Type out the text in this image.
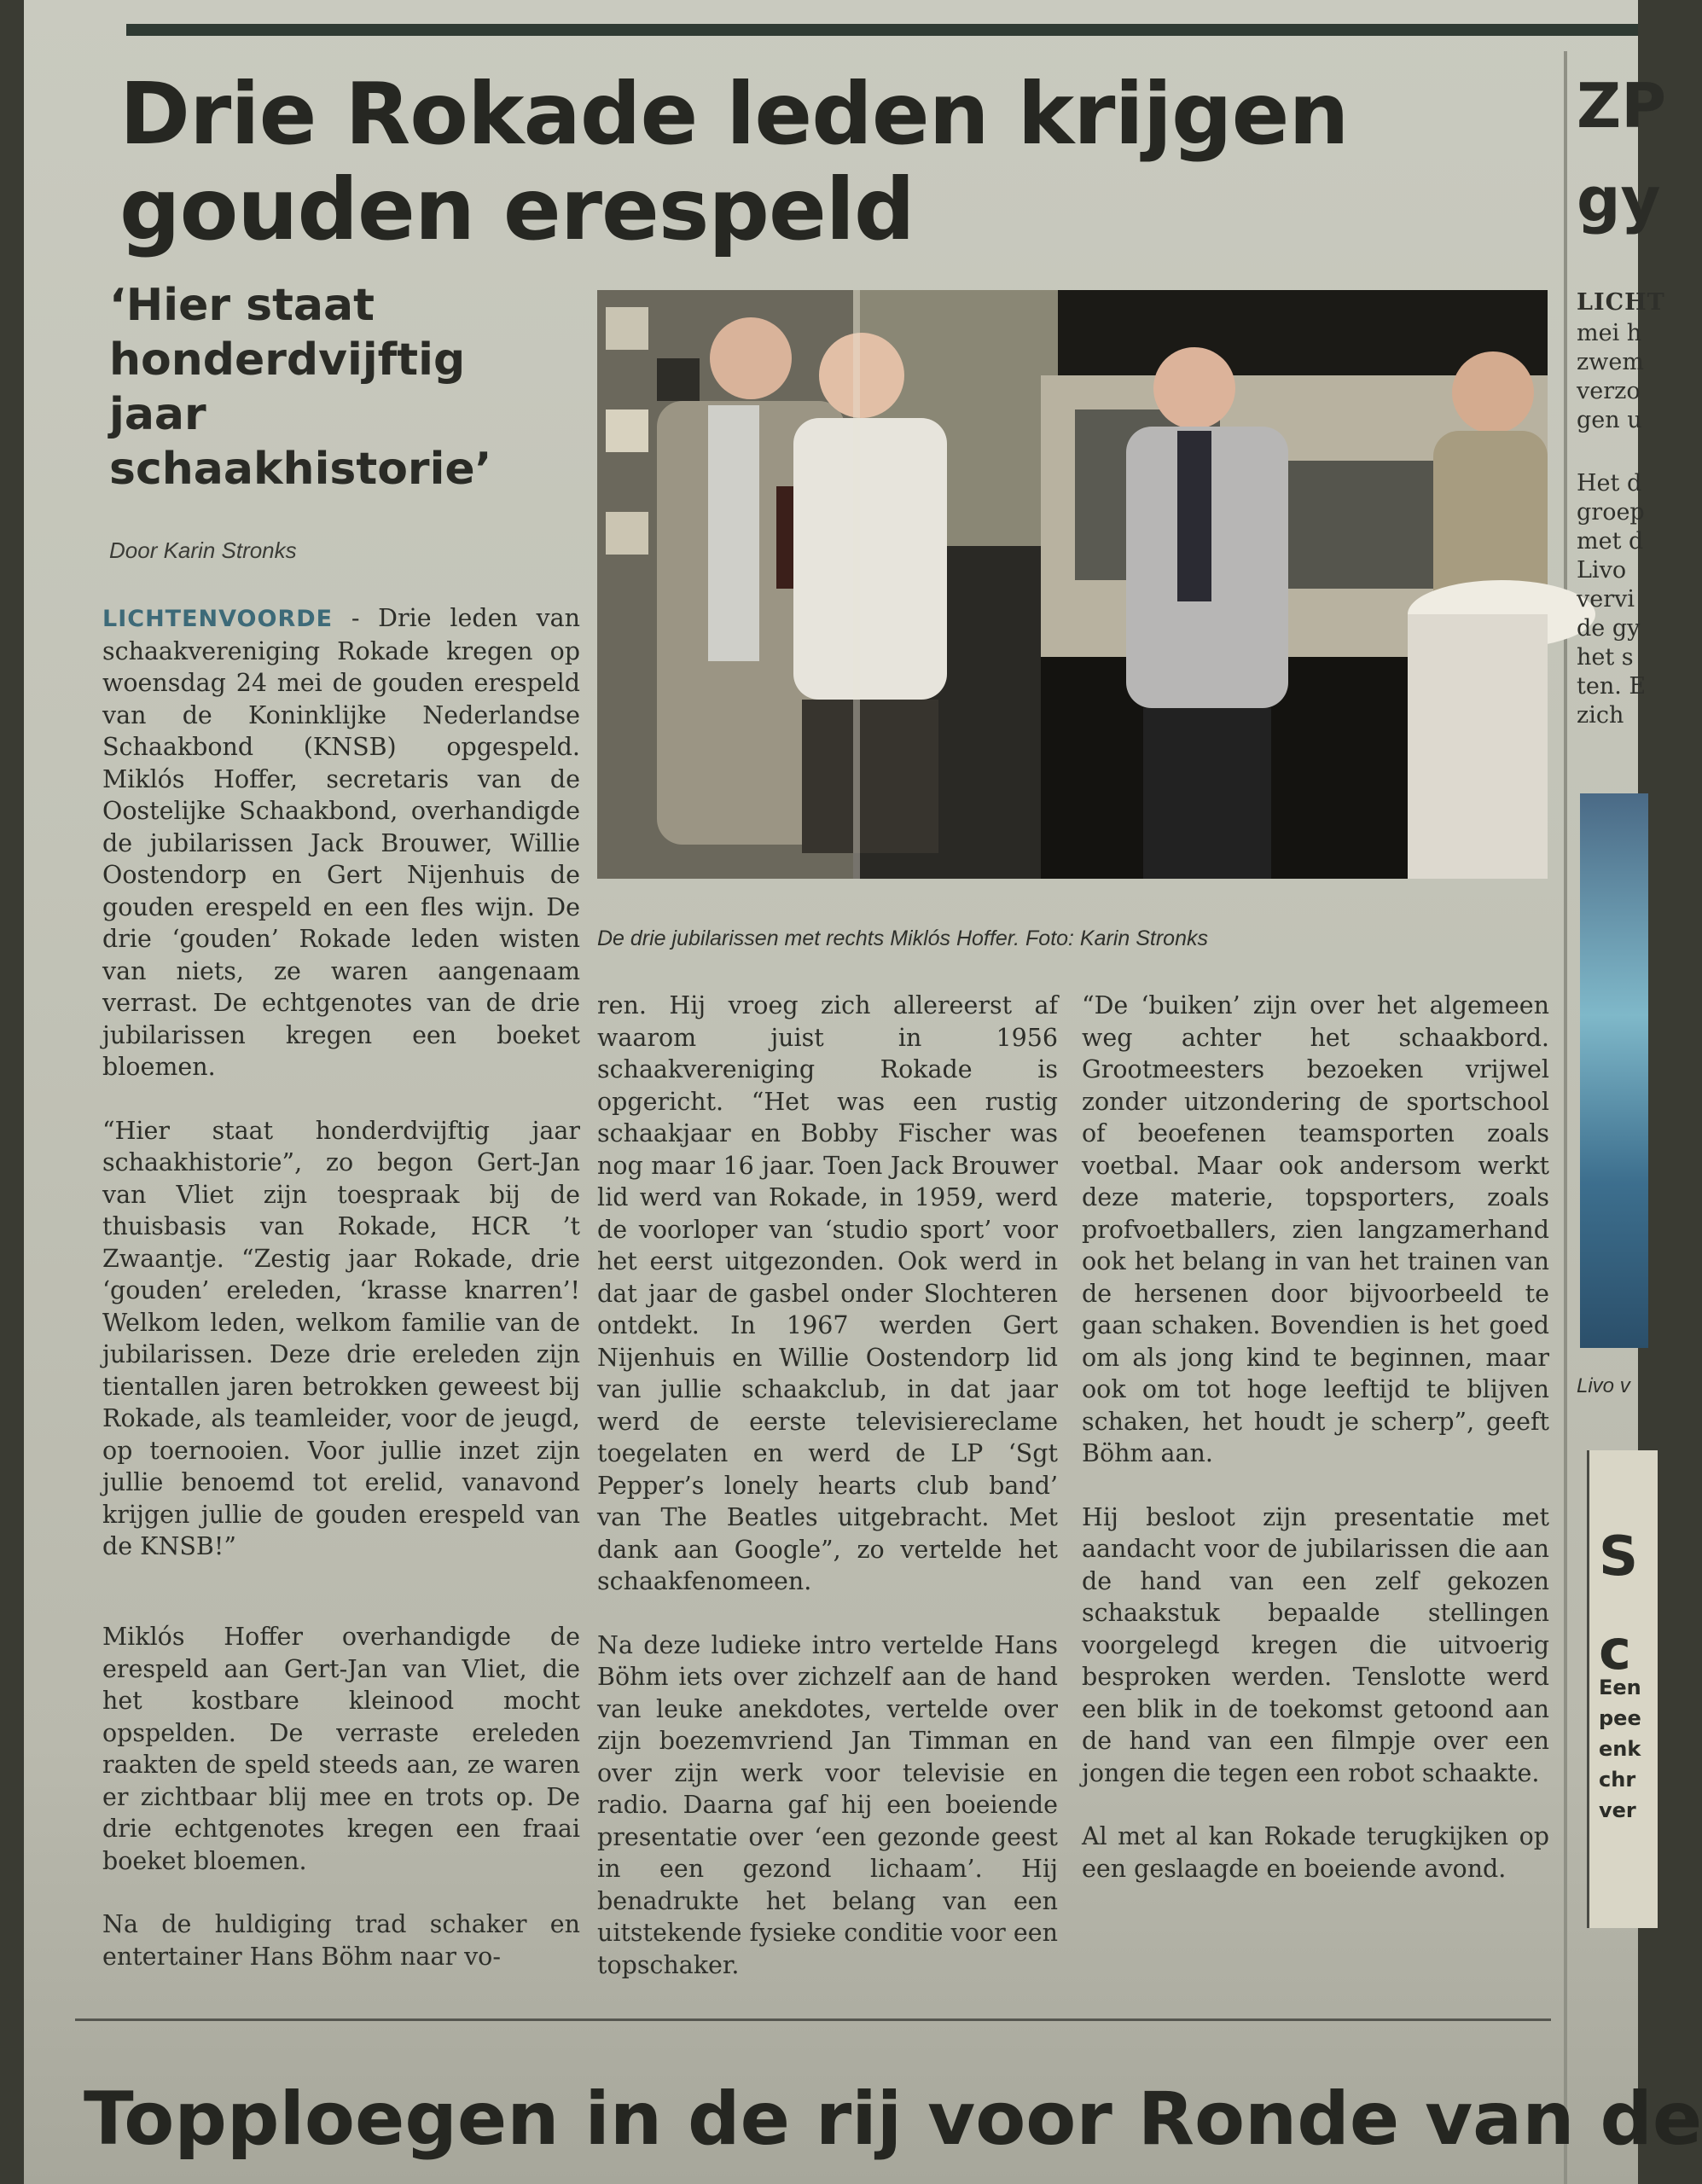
Drie Rokade leden krijgen
gouden erespeld
‘Hier staat honderdvijftig jaar schaakhistorie’
Door Karin Stronks

LICHTENVOORDE - Drie leden van schaakvereniging Rokade kregen op woensdag 24 mei de gouden erespeld van de Koninklijke Nederlandse Schaakbond (KNSB) opgespeld. Miklós Hoffer, secretaris van de Oostelijke Schaakbond, overhandigde de jubilarissen Jack Brouwer, Willie Oostendorp en Gert Nijenhuis de gouden erespeld en een fles wijn. De drie ‘gouden’ Rokade leden wisten van niets, ze waren aangenaam verrast. De echtgenotes van de drie jubilarissen kregen een boeket bloemen.

“Hier staat honderdvijftig jaar schaakhistorie”, zo begon Gert-Jan van Vliet zijn toespraak bij de thuisbasis van Rokade, HCR ’t Zwaantje. “Zestig jaar Rokade, drie ‘gouden’ ereleden, ‘krasse knarren’! Welkom leden, welkom familie van de jubilarissen. Deze drie ereleden zijn tientallen jaren betrokken geweest bij Rokade, als teamleider, voor de jeugd, op toernooien. Voor jullie inzet zijn jullie benoemd tot erelid, vanavond krijgen jullie de gouden erespeld van de KNSB!”

Miklós Hoffer overhandigde de erespeld aan Gert-Jan van Vliet, die het kostbare kleinood mocht opspelden. De verraste ereleden raakten de speld steeds aan, ze waren er zichtbaar blij mee en trots op. De drie echtgenotes kregen een fraai boeket bloemen.

Na de huldiging trad schaker en entertainer Hans Böhm naar vo-

De drie jubilarissen met rechts Miklós Hoffer. Foto: Karin Stronks

ren. Hij vroeg zich allereerst af waarom juist in 1956 schaakvereniging Rokade is opgericht. “Het was een rustig schaakjaar en Bobby Fischer was nog maar 16 jaar. Toen Jack Brouwer lid werd van Rokade, in 1959, werd de voorloper van ‘studio sport’ voor het eerst uitgezonden. Ook werd in dat jaar de gasbel onder Slochteren ontdekt. In 1967 werden Gert Nijenhuis en Willie Oostendorp lid van jullie schaakclub, in dat jaar werd de eerste televisiereclame toegelaten en werd de LP ‘Sgt Pepper’s lonely hearts club band’ van The Beatles uitgebracht. Met dank aan Google”, zo vertelde het schaakfenomeen.

Na deze ludieke intro vertelde Hans Böhm iets over zichzelf aan de hand van leuke anekdotes, vertelde over zijn boezemvriend Jan Timman en over zijn werk voor televisie en radio. Daarna gaf hij een boeiende presentatie over ‘een gezonde geest in een gezond lichaam’. Hij benadrukte het belang van een uitstekende fysieke conditie voor een topschaker.

“De ‘buiken’ zijn over het algemeen weg achter het schaakbord. Grootmeesters bezoeken vrijwel zonder uitzondering de sportschool of beoefenen teamsporten zoals voetbal. Maar ook andersom werkt deze materie, topsporters, zoals profvoetballers, zien langzamerhand ook het belang in van het trainen van de hersenen door bijvoorbeeld te gaan schaken. Bovendien is het goed om als jong kind te beginnen, maar ook om tot hoge leeftijd te blijven schaken, het houdt je scherp”, geeft Böhm aan.

Hij besloot zijn presentatie met aandacht voor de jubilarissen die aan de hand van een zelf gekozen schaakstuk bepaalde stellingen voorgelegd kregen die uitvoerig besproken werden. Tenslotte werd een blik in de toekomst getoond aan de hand van een filmpje over een jongen die tegen een robot schaakte.

Al met al kan Rokade terugkijken op een geslaagde en boeiende avond.

Topploegen in de rij voor Ronde van de
ZP
gy
LICHT
mei h
zwem
verzo
gen u
Het d
groep
met d
Livo
vervi
de gy
het s
ten. E
zich
Livo v
S
c
Een
pee
enk
chr
ver
